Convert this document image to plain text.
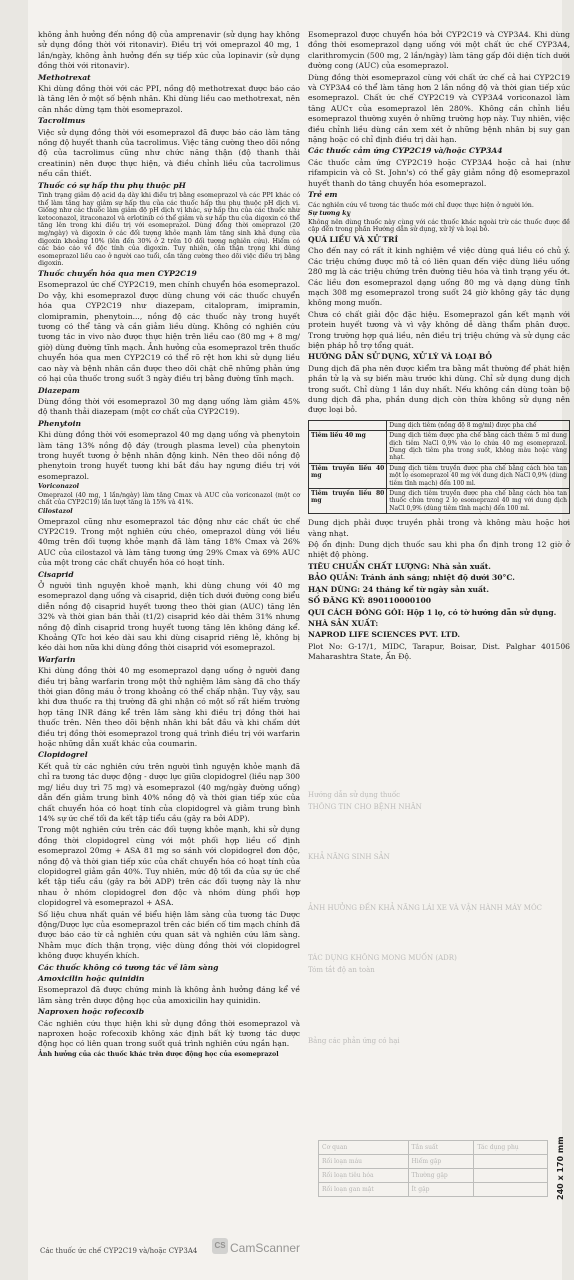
không ảnh hưởng đến nồng độ của amprenavir (sử dụng hay không sử dụng đồng thời với ritonavir). Điều trị với omeprazol 40 mg, 1 lần/ngày, không ảnh hưởng đến sự tiếp xúc của lopinavir (sử dụng đồng thời với ritonavir).

Methotrexat

Khi dùng đồng thời với các PPI, nồng độ methotrexat được báo cáo là tăng lên ở một số bệnh nhân. Khi dùng liều cao methotrexat, nên cân nhắc dừng tạm thời esomeprazol.

Tacrolimus

Việc sử dụng đồng thời với esomeprazol đã được báo cáo làm tăng nồng độ huyết thanh của tacrolimus. Việc tăng cường theo dõi nồng độ của tacrolimus cũng như chức năng thận (độ thanh thải creatinin) nên được thực hiện, và điều chỉnh liều của tacrolimus nếu cần thiết.

Thuốc có sự hấp thu phụ thuộc pH

Tình trạng giảm độ acid dạ dày khi điều trị bằng esomeprazol và các PPI khác có thể làm tăng hay giảm sự hấp thu của các thuốc hấp thu phụ thuộc pH dịch vị. Giống như các thuốc làm giảm độ pH dịch vị khác, sự hấp thu của các thuốc như ketoconazol, itraconazol và erlotinib có thể giảm và sự hấp thu của digoxin có thể tăng lên trong khi điều trị với esomeprazol. Dùng đồng thời omeprazol (20 mg/ngày) và digoxin ở các đối tượng khỏe mạnh làm tăng sinh khả dụng của digoxin khoảng 10% (lên đến 30% ở 2 trên 10 đối tượng nghiên cứu). Hiếm có các báo cáo về độc tính của digoxin. Tuy nhiên, cần thận trọng khi dùng esomeprazol liều cao ở người cao tuổi, cần tăng cường theo dõi việc điều trị bằng digoxin.

Thuốc chuyển hóa qua men CYP2C19

Esomeprazol ức chế CYP2C19, men chính chuyển hóa esomeprazol. Do vậy, khi esomeprazol được dùng chung với các thuốc chuyển hóa qua CYP2C19 như diazepam, citalopram, imipramin, clomipramin, phenytoin..., nồng độ các thuốc này trong huyết tương có thể tăng và cần giảm liều dùng. Không có nghiên cứu tương tác in vivo nào được thực hiện trên liều cao (80 mg + 8 mg/ giờ) dùng đường tĩnh mạch. Ảnh hưởng của esomeprazol trên thuốc chuyển hóa qua men CYP2C19 có thể rõ rệt hơn khi sử dụng liều cao này và bệnh nhân cần được theo dõi chặt chẽ những phản ứng có hại của thuốc trong suốt 3 ngày điều trị bằng đường tĩnh mạch.

Diazepam

Dùng đồng thời với esomeprazol 30 mg dạng uống làm giảm 45% độ thanh thải diazepam (một cơ chất của CYP2C19).

Phenytoin

Khi dùng đồng thời với esomeprazol 40 mg dạng uống và phenytoin làm tăng 13% nồng độ đáy (trough plasma level) của phenytoin trong huyết tương ở bệnh nhân động kinh. Nên theo dõi nồng độ phenytoin trong huyết tương khi bắt đầu hay ngưng điều trị với esomeprazol.

Voriconazol

Omeprazol (40 mg, 1 lần/ngày) làm tăng Cmax và AUC của voriconazol (một cơ chất của CYP2C19) lần lượt tăng là 15% và 41%.

Cilostazol

Omeprazol cũng như esomeprazol tác động như các chất ức chế CYP2C19. Trong một nghiên cứu chéo, omeprazol dùng với liều 40mg trên đối tượng khỏe mạnh đã làm tăng 18% Cmax và 26% AUC của cilostazol và làm tăng tương ứng 29% Cmax và 69% AUC của một trong các chất chuyển hóa có hoạt tính.

Cisaprid

Ở người tình nguyện khoẻ mạnh, khi dùng chung với 40 mg esomeprazol dạng uống và cisaprid, diện tích dưới đường cong biểu diễn nồng độ cisaprid huyết tương theo thời gian (AUC) tăng lên 32% và thời gian bán thải (t1/2) cisaprid kéo dài thêm 31% nhưng nồng độ đỉnh cisaprid trong huyết tương tăng lên không đáng kể. Khoảng QTc hơi kéo dài sau khi dùng cisaprid riêng lẻ, không bị kéo dài hơn nữa khi dùng đồng thời cisaprid với esomeprazol.

Warfarin

Khi dùng đồng thời 40 mg esomeprazol dạng uống ở người đang điều trị bằng warfarin trong một thử nghiệm lâm sàng đã cho thấy thời gian đông máu ở trong khoảng có thể chấp nhận. Tuy vậy, sau khi đưa thuốc ra thị trường đã ghi nhận có một số rất hiếm trường hợp tăng INR đáng kể trên lâm sàng khi điều trị đồng thời hai thuốc trên. Nên theo dõi bệnh nhân khi bắt đầu và khi chấm dứt điều trị đồng thời esomeprazol trong quá trình điều trị với warfarin hoặc những dẫn xuất khác của coumarin.

Clopidogrel

Kết quả từ các nghiên cứu trên người tình nguyện khỏe mạnh đã chỉ ra tương tác dược động - dược lực giữa clopidogrel (liều nạp 300 mg/ liều duy trì 75 mg) và esomeprazol (40 mg/ngày đường uống) dẫn đến giảm trung bình 40% nồng độ và thời gian tiếp xúc của chất chuyển hóa có hoạt tính của clopidogrel và giảm trung bình 14% sự ức chế tối đa kết tập tiểu cầu (gây ra bởi ADP).

Trong một nghiên cứu trên các đối tượng khỏe mạnh, khi sử dụng đồng thời clopidogrel cùng với một phối hợp liều cố định esomeprazol 20mg + ASA 81 mg so sánh với clopidogrel đơn độc, nồng độ và thời gian tiếp xúc của chất chuyển hóa có hoạt tính của clopidogrel giảm gần 40%. Tuy nhiên, mức độ tối đa của sự ức chế kết tập tiểu cầu (gây ra bởi ADP) trên các đối tượng này là như nhau ở nhóm clopidogrel đơn độc và nhóm dùng phối hợp clopidogrel và esomeprazol + ASA.

Số liệu chưa nhất quán về biểu hiện lâm sàng của tương tác Dược động/Dược lực của esomeprazol trên các biến cố tim mạch chính đã được báo cáo từ cả nghiên cứu quan sát và nghiên cứu lâm sàng. Nhằm mục đích thận trọng, việc dùng đồng thời với clopidogrel không được khuyến khích.

Các thuốc không có tương tác về lâm sàng

Amoxicilin hoặc quinidin

Esomeprazol đã được chứng minh là không ảnh hưởng đáng kể về lâm sàng trên dược động học của amoxicilin hay quinidin.

Naproxen hoặc rofecoxib

Các nghiên cứu thực hiện khi sử dụng đồng thời esomeprazol và naproxen hoặc rofecoxib không xác định bất kỳ tương tác dược động học có liên quan trong suốt quá trình nghiên cứu ngắn hạn.

Ảnh hưởng của các thuốc khác trên dược động học của esomeprazol

Esomeprazol được chuyển hóa bởi CYP2C19 và CYP3A4. Khi dùng đồng thời esomeprazol dạng uống với một chất ức chế CYP3A4, clarithromycin (500 mg, 2 lần/ngày) làm tăng gấp đôi diện tích dưới đường cong (AUC) của esomeprazol.

Dùng đồng thời esomeprazol cùng với chất ức chế cả hai CYP2C19 và CYP3A4 có thể làm tăng hơn 2 lần nồng độ và thời gian tiếp xúc esomeprazol. Chất ức chế CYP2C19 và CYP3A4 voriconazol làm tăng AUCτ của esomeprazol lên 280%. Không cần chỉnh liều esomeprazol thường xuyên ở những trường hợp này. Tuy nhiên, việc điều chỉnh liều dùng cần xem xét ở những bệnh nhân bị suy gan nặng hoặc có chỉ định điều trị dài hạn.

Các thuốc cảm ứng CYP2C19 và/hoặc CYP3A4

Các thuốc cảm ứng CYP2C19 hoặc CYP3A4 hoặc cả hai (như rifampicin và cỏ St. John's) có thể gây giảm nồng độ esomeprazol huyết thanh do tăng chuyển hóa esomeprazol.

Trẻ em

Các nghiên cứu về tương tác thuốc mới chỉ được thực hiện ở người lớn.

Sự tương kỵ

Không nên dùng thuốc này cùng với các thuốc khác ngoài trừ các thuốc được đề cập đến trong phần Hướng dẫn sử dụng, xử lý và loại bỏ.

QUÁ LIỀU VÀ XỬ TRÍ

Cho đến nay có rất ít kinh nghiệm về việc dùng quá liều có chủ ý. Các triệu chứng được mô tả có liên quan đến việc dùng liều uống 280 mg là các triệu chứng trên đường tiêu hóa và tình trạng yếu ớt. Các liều đơn esomeprazol dạng uống 80 mg và dạng dùng tĩnh mạch 308 mg esomeprazol trong suốt 24 giờ không gây tác dụng không mong muốn.

Chưa có chất giải độc đặc hiệu. Esomeprazol gắn kết mạnh với protein huyết tương và vì vậy không dễ dàng thẩm phân được. Trong trường hợp quá liều, nên điều trị triệu chứng và sử dụng các biện pháp hỗ trợ tổng quát.

HƯỚNG DẪN SỬ DỤNG, XỬ LÝ VÀ LOẠI BỎ

Dung dịch đã pha nên được kiểm tra bằng mắt thường để phát hiện phần tử lạ và sự biến màu trước khi dùng. Chỉ sử dụng dung dịch trong suốt. Chỉ dùng 1 lần duy nhất. Nếu không cần dùng toàn bộ dung dịch đã pha, phần dung dịch còn thừa không sử dụng nên được loại bỏ.

	Dung dịch tiêm (nồng độ 8 mg/ml) được pha chế
Tiêm liều 40 mg	Dung dịch tiêm được pha chế bằng cách thêm 5 ml dung dịch tiêm NaCl 0,9% vào lọ chứa 40 mg esomeprazol. Dung dịch tiêm pha trong suốt, không màu hoặc vàng nhạt.
Tiêm truyền liều 40 mg	Dung dịch tiêm truyền được pha chế bằng cách hòa tan một lọ esomeprazol 40 mg với dung dịch NaCl 0,9% (dùng tiêm tĩnh mạch) đến 100 ml.
Tiêm truyền liều 80 mg	Dung dịch tiêm truyền được pha chế bằng cách hòa tan thuốc chứa trong 2 lọ esomeprazol 40 mg với dung dịch NaCl 0,9% (dùng tiêm tĩnh mạch) đến 100 ml.

Dung dịch phải được truyền phải trong và không màu hoặc hơi vàng nhạt.

Độ ổn định: Dung dịch thuốc sau khi pha ổn định trong 12 giờ ở nhiệt độ phòng.

TIÊU CHUẨN CHẤT LƯỢNG: Nhà sản xuất.

BẢO QUẢN: Tránh ánh sáng; nhiệt độ dưới 30°C.

HẠN DÙNG: 24 tháng kể từ ngày sản xuất.

SỐ ĐĂNG KÝ: 890110000100

QUI CÁCH ĐÓNG GÓI: Hộp 1 lọ, có tờ hướng dẫn sử dụng.

NHÀ SẢN XUẤT:

NAPROD LIFE SCIENCES PVT. LTD.

Plot No: G-17/1, MIDC, Tarapur, Boisar, Dist. Palghar 401506 Maharashtra State, Ấn Độ.

Hướng dẫn sử dụng thuốc

THÔNG TIN CHO BỆNH NHÂN

KHẢ NĂNG SINH SẢN

ẢNH HƯỞNG ĐẾN KHẢ NĂNG LÁI XE VÀ VẬN HÀNH MÁY MÓC

TÁC DỤNG KHÔNG MONG MUỐN (ADR)

Tóm tắt độ an toàn

Bảng các phản ứng có hại

Cơ quan	Tần suất	Tác dụng phụ
Rối loạn máu	Hiếm gặp	
Rối loạn tiêu hóa	Thường gặp	
Rối loạn gan mật	Ít gặp		240 x 170 mm
Các thuốc ức chế CYP2C19 và/hoặc CYP3A4 CS	CamScanner
